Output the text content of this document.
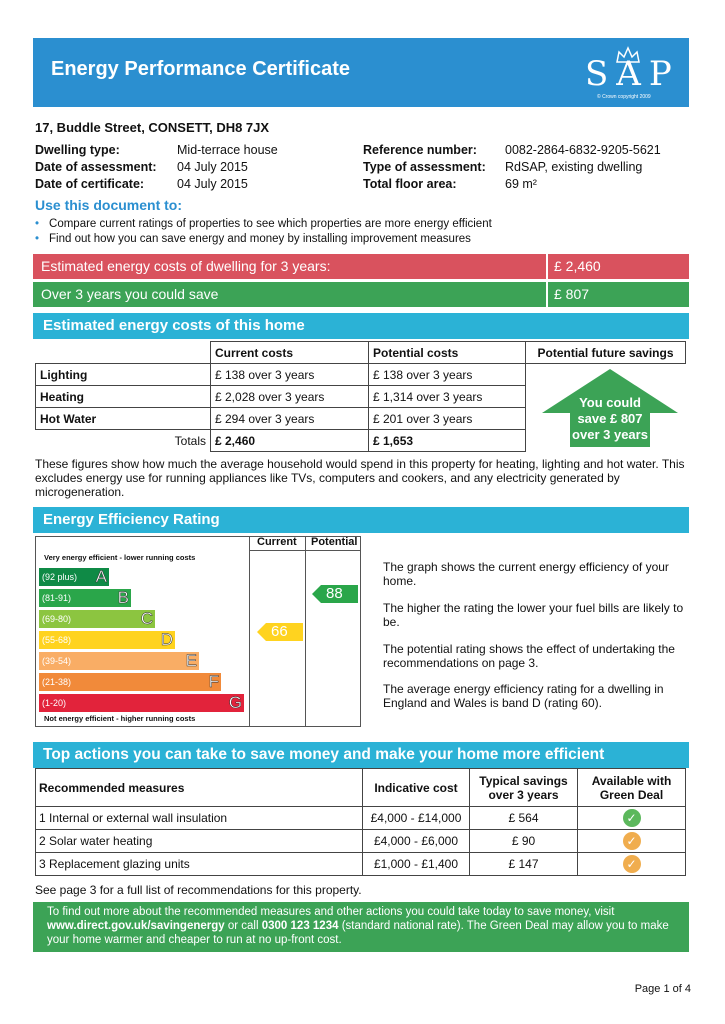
Energy Performance Certificate	SAP
© Crown copyright 2009
17, Buddle Street, CONSETT, DH8 7JX
Dwelling type:	Mid-terrace house
Date of assessment: 04 July 2015
Date of certificate:	04 July 2015
Reference number: 0082-2864-6832-9205-5621
Type of assessment: RdSAP, existing dwelling
Total floor area:	69 m²
Use this document to:
• Compare current ratings of properties to see which properties are more energy efficient
• Find out how you can save energy and money by installing improvement measures
Estimated energy costs of dwelling for 3 years:	£ 2,460
Over 3 years you could save	£ 807
Estimated energy costs of this home
	Current costs	Potential costs	Potential future savings
Lighting	£ 138 over 3 years	£ 138 over 3 years	
Heating	£ 2,028 over 3 years	£ 1,314 over 3 years	
Hot Water	£ 294 over 3 years	£ 201 over 3 years	
Totals	£ 2,460	£ 1,653	
You could
save £ 807
over 3 years
These figures show how much the average household would spend in this property for heating, lighting and hot water. This excludes energy use for running appliances like TVs, computers and cookers, and any electricity generated by microgeneration.
Energy Efficiency Rating
Very energy efficient - lower running costs
Not energy efficient - higher running costs
(92 plus) A
(81-91)	B
(69-80)	C
(55-68)	D
(39-54)	E
(21-38)	F
(1-20)	G
Current Potential
66
88
The graph shows the current energy efficiency of your home.
The higher the rating the lower your fuel bills are likely to be.
The potential rating shows the effect of undertaking the recommendations on page 3.
The average energy efficiency rating for a dwelling in England and Wales is band D (rating 60).
Top actions you can take to save money and make your home more efficient
Recommended measures	Indicative cost	Typical savings over 3 years	Available with Green Deal
1 Internal or external wall insulation	£4,000 - £14,000	£ 564	✓
2 Solar water heating	£4,000 - £6,000	£ 90	✓
3 Replacement glazing units	£1,000 - £1,400	£ 147	✓
See page 3 for a full list of recommendations for this property.
To find out more about the recommended measures and other actions you could take today to save money, visit www.direct.gov.uk/savingenergy or call 0300 123 1234 (standard national rate). The Green Deal may allow you to make your home warmer and cheaper to run at no up-front cost.
Page 1 of 4
